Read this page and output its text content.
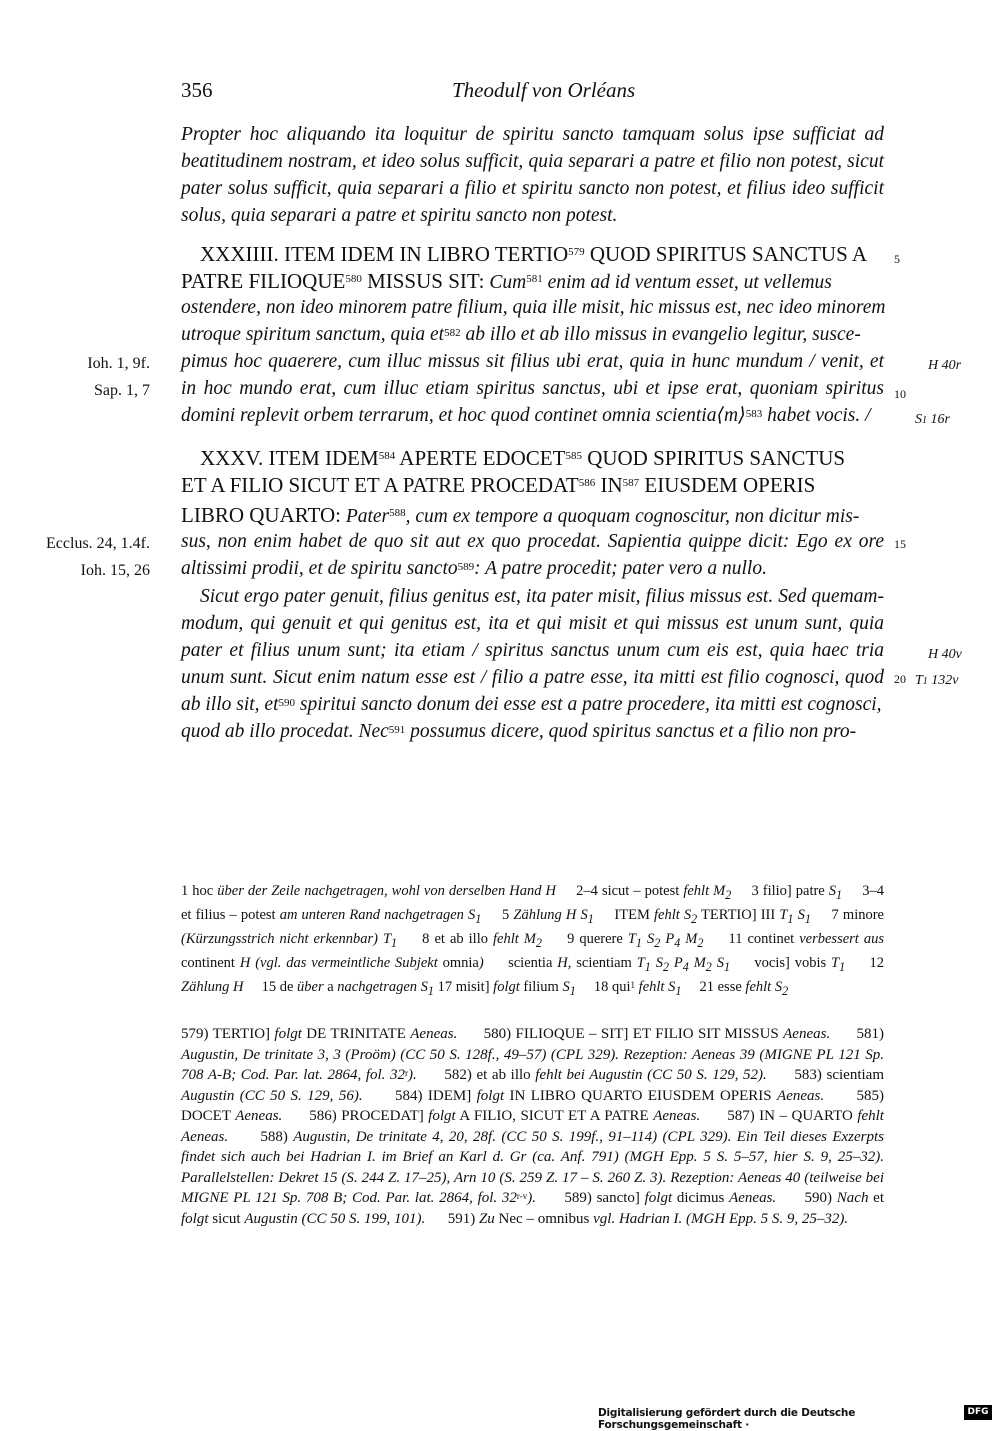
356	Theodulf von Orléans
Propter hoc aliquando ita loquitur de spiritu sancto tamquam solus ipse sufficiat ad
beatitudinem nostram, et ideo solus sufficit, quia separari a patre et filio non potest, sicut
pater solus sufficit, quia separari a filio et spiritu sancto non potest, et filius ideo sufficit
solus, quia separari a patre et spiritu sancto non potest.
XXXIIII. ITEM IDEM IN LIBRO TERTIO$^{579}$ QUOD SPIRITUS SANCTUS A
PATRE FILIOQUE$^{580}$ MISSUS SIT: Cum$^{581}$ enim ad id ventum esset, ut vellemus
ostendere, non ideo minorem patre filium, quia ille misit, hic missus est, nec ideo minorem
utroque spiritum sanctum, quia $et^{582}$ ab illo et ab illo missus in evangelio legitur, susce-
pimus hoc quaerere, cum illuc missus sit filius ubi erat, quia in hunc mundum / venit, et
in hoc mundo erat, cum illuc etiam spiritus sanctus, ubi et ipse erat, quoniam spiritus
domini replevit orbem terrarum, et hoc quod continet omnia scientia⟨m⟩$^{583}$ habet vocis. /
XXXV. ITEM IDEM$^{584}$ APERTE EDOCET$^{585}$ QUOD SPIRITUS SANCTUS
ET A FILIO SICUT ET A PATRE PROCEDAT$^{586}$ IN$^{587}$ EIUSDEM OPERIS
LIBRO QUARTO: Pater$^{588}$, cum ex tempore a quoquam cognoscitur, non dicitur mis-
sus, non enim habet de quo sit aut ex quo procedat. Sapientia quippe dicit: Ego ex ore
altissimi prodii, et de spiritu sancto$^{589}$: A patre procedit; pater vero a nullo.
Sicut ergo pater genuit, filius genitus est, ita pater misit, filius missus est. Sed quemam-
modum, qui genuit et qui genitus est, ita et qui misit et qui missus est unum sunt, quia
pater et filius unum sunt; ita etiam / spiritus sanctus unum cum eis est, quia haec tria
unum sunt. Sicut enim natum esse est / filio a patre esse, ita mitti est filio cognosci, quod
ab illo sit, $et^{590}$ spiritui sancto donum dei esse est a patre procedere, ita mitti est cognosci,
quod ab illo procedat. Nec$^{591}$ possumus dicere, quod spiritus sanctus et a filio non pro-
5
10
15
20
Ioh. 1, 9f.
Sap. 1, 7
Ecclus. 24, 1.4f.
Ioh. 15, 26
H 40r
S1 16r
H 40v
T1 132v
1 hoc über der Zeile nachgetragen, wohl von derselben Hand H     2–4 sicut – potest fehlt $M_2$     3 filio] patre $S_1$     3–4 et filius – potest am unteren Rand nachgetragen $S_1$     5 Zählung H $S_1$     ITEM fehlt $S_2$ TERTIO] III $T_1$ $S_1$     7 minore (Kürzungsstrich nicht erkennbar) $T_1$     8 et ab illo fehlt $M_2$     9 querere $T_1$ $S_2$ $P_4$ $M_2$     11 continet verbessert aus continent H (vgl. das vermeintliche Subjekt omnia)     scientia H, scientiam $T_1$ $S_2$ $P_4$ $M_2$ $S_1$     vocis] vobis $T_1$     12 Zählung H     15 de über a nachgetragen $S_1$ 17 misit] folgt filium $S_1$     18 qui$^1$ fehlt $S_1$     21 esse fehlt $S_2$
579) TERTIO] folgt DE TRINITATE Aeneas.      580) FILIOQUE – SIT] ET FILIO SIT MISSUS Aeneas.      581) Augustin, De trinitate 3, 3 (Proöm) (CC 50 S. 128f., 49–57) (CPL 329). Rezeption: Aeneas 39 (MIGNE PL 121 Sp. 708 A-B; Cod. Par. lat. 2864, fol. 32$^r$).      582) et ab illo fehlt bei Augustin (CC 50 S. 129, 52).      583) scientiam Augustin (CC 50 S. 129, 56).      584) IDEM] folgt IN LIBRO QUARTO EIUSDEM OPERIS Aeneas.      585) DOCET Aeneas.      586) PROCEDAT] folgt A FILIO, SICUT ET A PATRE Aeneas.      587) IN – QUARTO fehlt Aeneas.      588) Augustin, De trinitate 4, 20, 28f. (CC 50 S. 199f., 91–114) (CPL 329). Ein Teil dieses Exzerpts findet sich auch bei Hadrian I. im Brief an Karl d. Gr (ca. Anf. 791) (MGH Epp. 5 S. 5–57, hier S. 9, 25–32). Parallelstellen: Dekret 15 (S. 244 Z. 17–25), Arn 10 (S. 259 Z. 17 – S. 260 Z. 3). Rezeption: Aeneas 40 (teilweise bei MIGNE PL 121 Sp. 708 B; Cod. Par. lat. 2864, fol. 32$^{r-v}$).      589) sancto] folgt dicimus Aeneas.      590) Nach et folgt sicut Augustin (CC 50 S. 199, 101).      591) Zu Nec – omnibus vgl. Hadrian I. (MGH Epp. 5 S. 9, 25–32).
Digitalisierung gefördert durch die Deutsche Forschungsgemeinschaft ·
DFG
